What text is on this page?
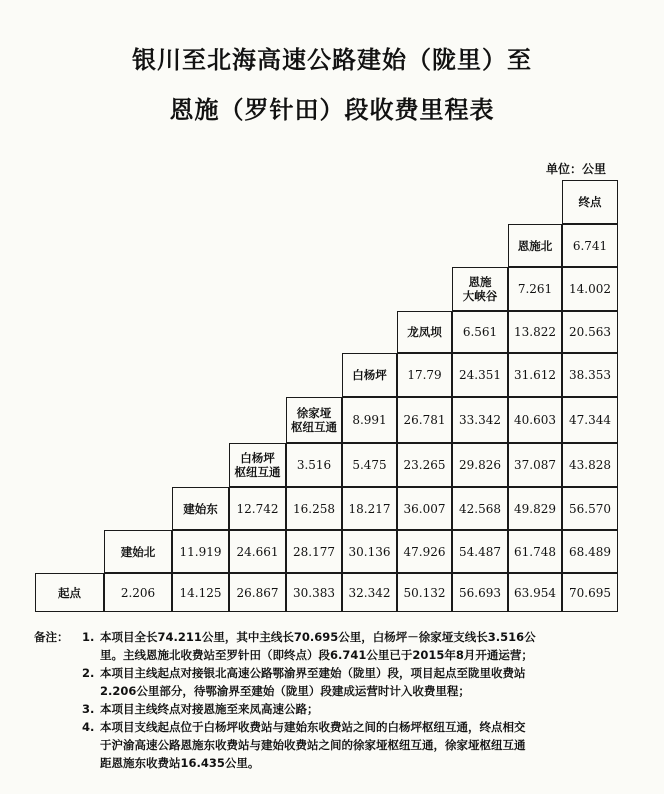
银川至北海高速公路建始（陇里）至
恩施（罗针田）段收费里程表
单位：公里
终点
恩施北	6.741
恩施
大峡谷	7.261	14.002
龙凤坝	6.561	13.822	20.563
白杨坪	17.79	24.351	31.612	38.353
徐家垭
枢纽互通	8.991	26.781	33.342	40.603	47.344
白杨坪
枢纽互通	3.516	5.475	23.265	29.826	37.087	43.828
建始东	12.742	16.258	18.217	36.007	42.568	49.829	56.570
建始北	11.919	24.661	28.177	30.136	47.926	54.487	61.748	68.489
起点	2.206	14.125	26.867	30.383	32.342	50.132	56.693	63.954	70.695
备注：	1. 本项目全长74.211公里，其中主线长70.695公里，白杨坪－徐家垭支线长3.516公
里。主线恩施北收费站至罗针田（即终点）段6.741公里已于2015年8月开通运营；
2. 本项目主线起点对接银北高速公路鄂渝界至建始（陇里）段，项目起点至陇里收费站
2.206公里部分，待鄂渝界至建始（陇里）段建成运营时计入收费里程；
3. 本项目主线终点对接恩施至来凤高速公路；
4. 本项目支线起点位于白杨坪收费站与建始东收费站之间的白杨坪枢纽互通，终点相交
于沪渝高速公路恩施东收费站与建始收费站之间的徐家垭枢纽互通，徐家垭枢纽互通
距恩施东收费站16.435公里。
